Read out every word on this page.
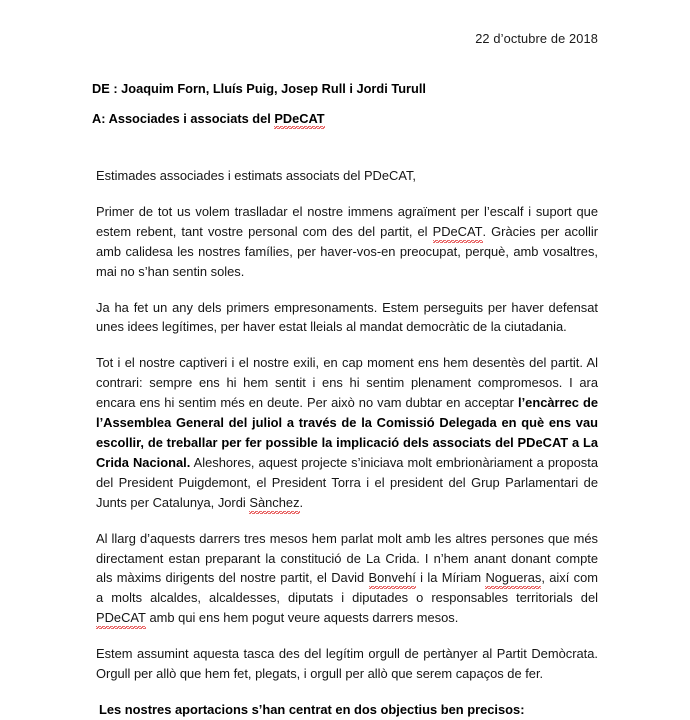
22 d’octubre de 2018
DE : Joaquim Forn, Lluís Puig, Josep Rull i Jordi Turull
A: Associades i associats del PDeCAT

Estimades associades i estimats associats del PDeCAT,

Primer de tot us volem traslladar el nostre immens agraïment per l’escalf i suport que estem rebent, tant vostre personal com des del partit, el PDeCAT. Gràcies per acollir amb calidesa les nostres famílies, per haver-vos-en preocupat, perquè, amb vosaltres, mai no s’han sentin soles.

Ja ha fet un any dels primers empresonaments. Estem perseguits per haver defensat unes idees legítimes, per haver estat lleials al mandat democràtic de la ciutadania.

Tot i el nostre captiveri i el nostre exili, en cap moment ens hem desentès del partit. Al contrari: sempre ens hi hem sentit i ens hi sentim plenament compromesos. I ara encara ens hi sentim més en deute. Per això no vam dubtar en acceptar l’encàrrec de l’Assemblea General del juliol a través de la Comissió Delegada en què ens vau escollir, de treballar per fer possible la implicació dels associats del PDeCAT a La Crida Nacional. Aleshores, aquest projecte s’iniciava molt embrionàriament a proposta del President Puigdemont, el President Torra i el president del Grup Parlamentari de Junts per Catalunya, Jordi Sànchez.

Al llarg d’aquests darrers tres mesos hem parlat molt amb les altres persones que més directament estan preparant la constitució de La Crida. I n’hem anant donant compte als màxims dirigents del nostre partit, el David Bonvehí i la Míriam Nogueras, així com a molts alcaldes, alcaldesses, diputats i diputades o responsables territorials del PDeCAT amb qui ens hem pogut veure aquests darrers mesos.

Estem assumint aquesta tasca des del legítim orgull de pertànyer al Partit Demòcrata. Orgull per allò que hem fet, plegats, i orgull per allò que serem capaços de fer.

Les nostres aportacions s’han centrat en dos objectius ben precisos:
